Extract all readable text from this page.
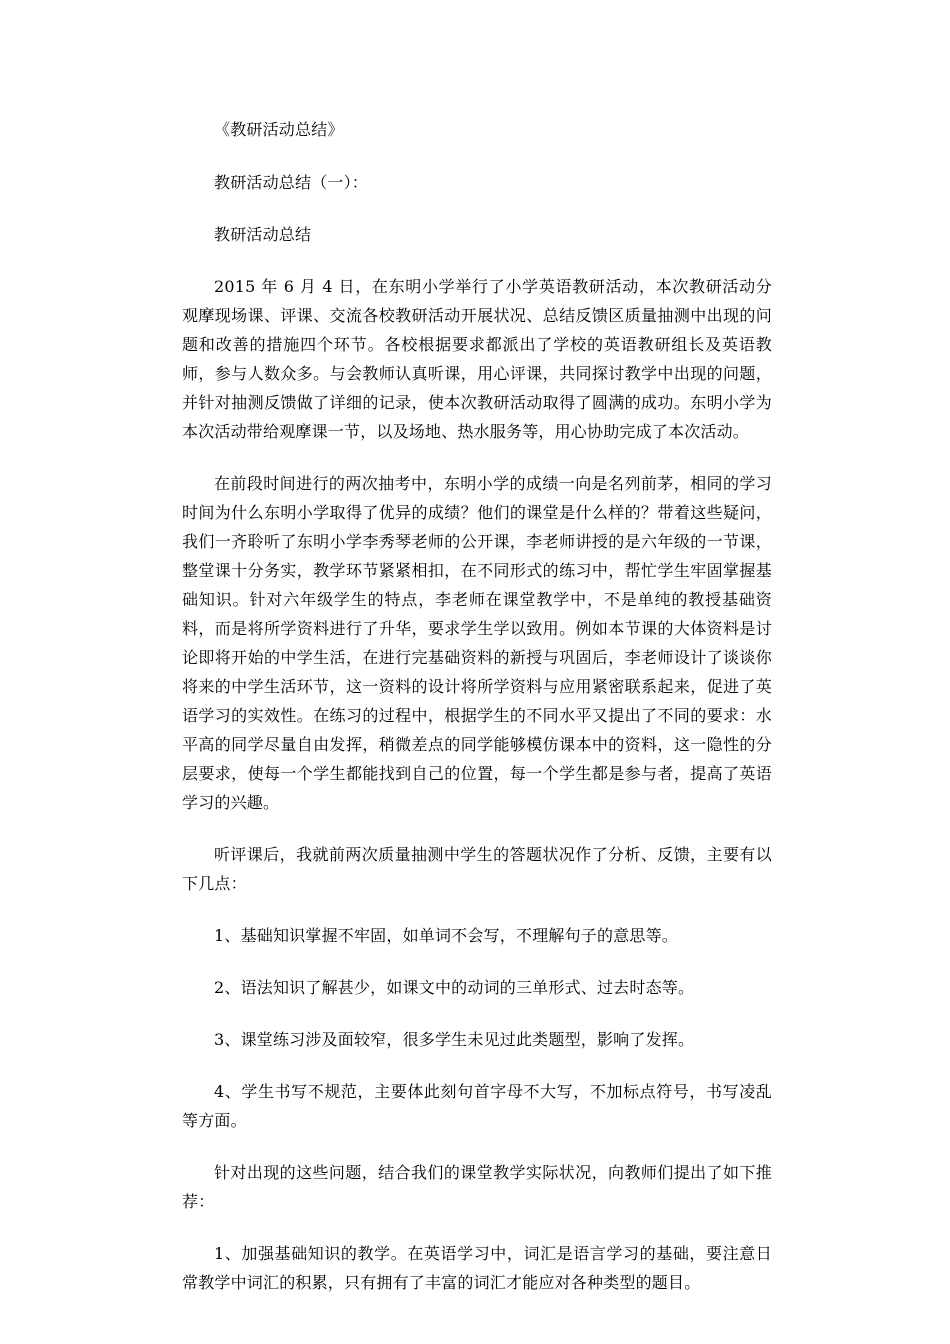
《教研活动总结》

教研活动总结（一）：

教研活动总结

2015 年 6 月 4 日，在东明小学举行了小学英语教研活动，本次教研活动分观摩现场课、评课、交流各校教研活动开展状况、总结反馈区质量抽测中出现的问题和改善的措施四个环节。各校根据要求都派出了学校的英语教研组长及英语教师，参与人数众多。与会教师认真听课，用心评课，共同探讨教学中出现的问题，并针对抽测反馈做了详细的记录，使本次教研活动取得了圆满的成功。东明小学为本次活动带给观摩课一节，以及场地、热水服务等，用心协助完成了本次活动。

在前段时间进行的两次抽考中，东明小学的成绩一向是名列前茅，相同的学习时间为什么东明小学取得了优异的成绩？他们的课堂是什么样的？带着这些疑问，我们一齐聆听了东明小学李秀琴老师的公开课，李老师讲授的是六年级的一节课，整堂课十分务实，教学环节紧紧相扣，在不同形式的练习中，帮忙学生牢固掌握基础知识。针对六年级学生的特点，李老师在课堂教学中，不是单纯的教授基础资料，而是将所学资料进行了升华，要求学生学以致用。例如本节课的大体资料是讨论即将开始的中学生活，在进行完基础资料的新授与巩固后，李老师设计了谈谈你将来的中学生活环节，这一资料的设计将所学资料与应用紧密联系起来，促进了英语学习的实效性。在练习的过程中，根据学生的不同水平又提出了不同的要求：水平高的同学尽量自由发挥，稍微差点的同学能够模仿课本中的资料，这一隐性的分层要求，使每一个学生都能找到自己的位置，每一个学生都是参与者，提高了英语学习的兴趣。

听评课后，我就前两次质量抽测中学生的答题状况作了分析、反馈，主要有以下几点：

1、基础知识掌握不牢固，如单词不会写，不理解句子的意思等。

2、语法知识了解甚少，如课文中的动词的三单形式、过去时态等。

3、课堂练习涉及面较窄，很多学生未见过此类题型，影响了发挥。

4、学生书写不规范，主要体此刻句首字母不大写，不加标点符号，书写凌乱等方面。

针对出现的这些问题，结合我们的课堂教学实际状况，向教师们提出了如下推荐：

1、加强基础知识的教学。在英语学习中，词汇是语言学习的基础，要注意日常教学中词汇的积累，只有拥有了丰富的词汇才能应对各种类型的题目。
